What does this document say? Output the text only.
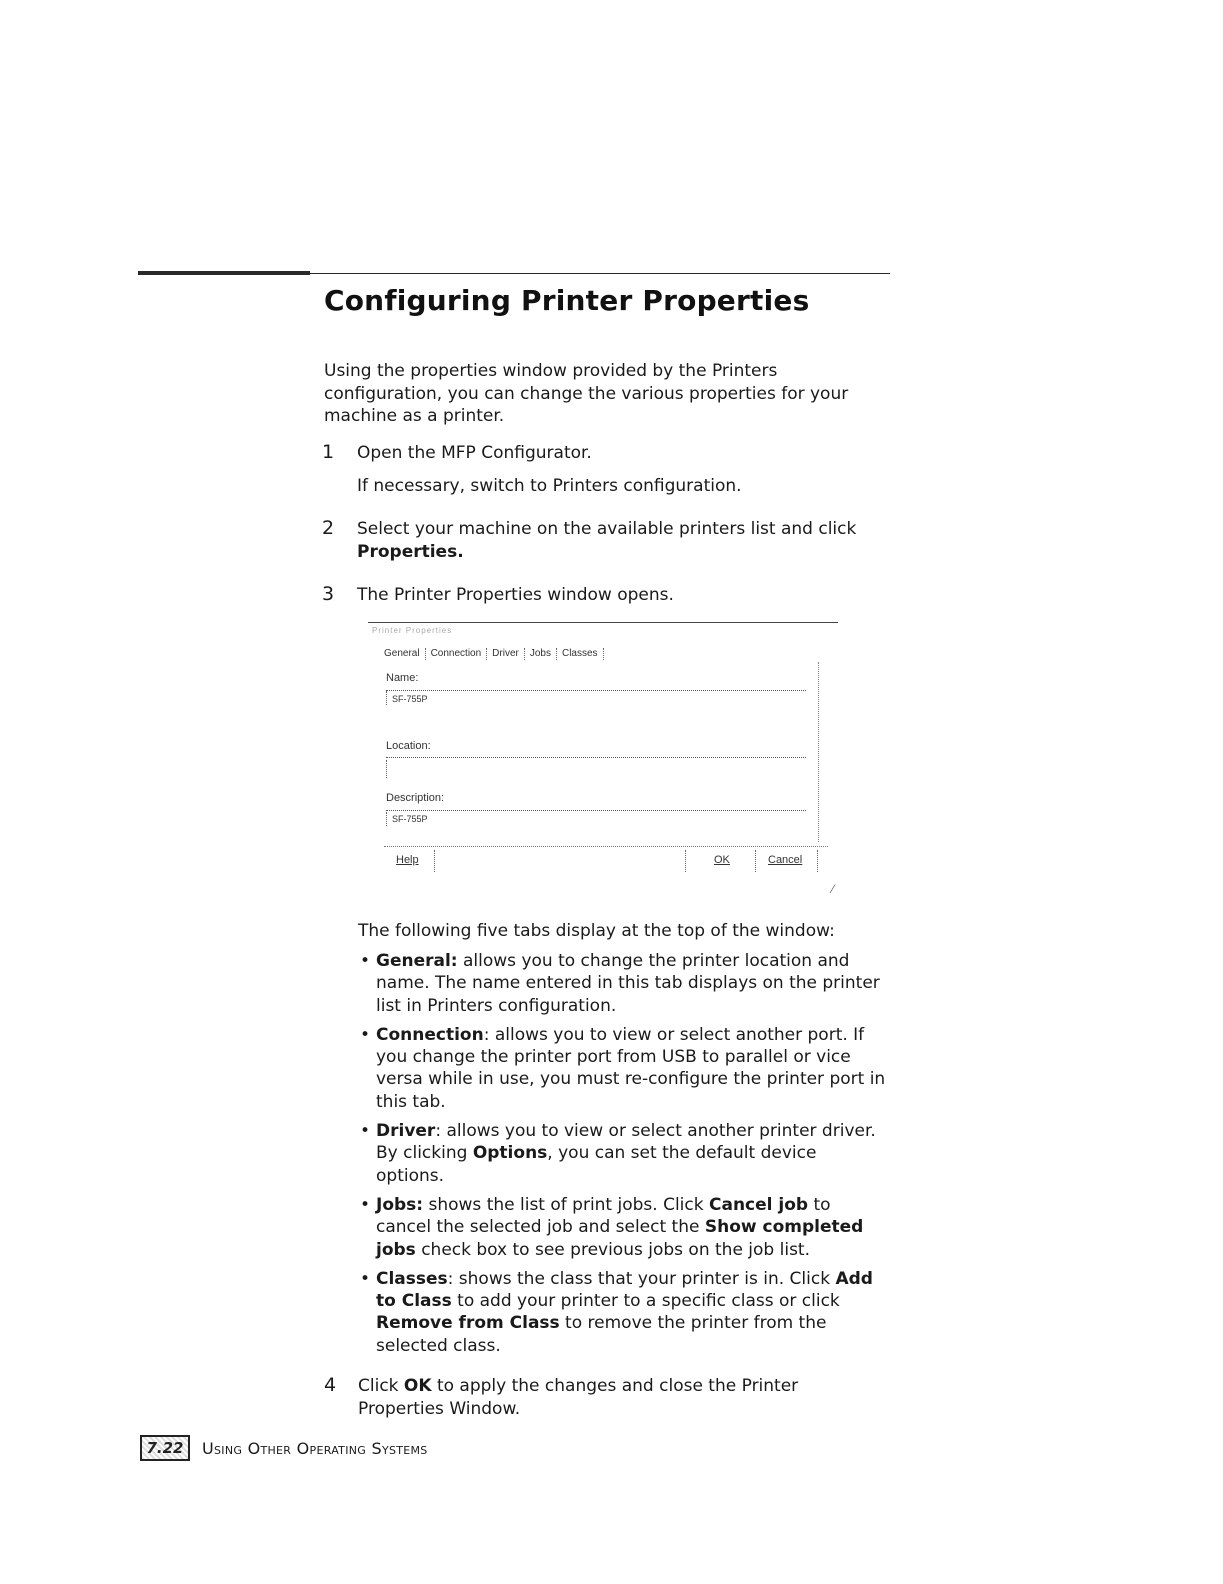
Configuring Printer Properties

Using the properties window provided by the Printers configuration, you can change the various properties for your machine as a printer.

1 Open the MFP Configurator.

If necessary, switch to Printers configuration.

2 Select your machine on the available printers list and click Properties.

3 The Printer Properties window opens.

Printer Properties
General	Connection	Driver	Jobs	Classes
Name:
SF-755P
Location:
Description:
SF-755P
Help	OK	Cancel
⁄

The following five tabs display at the top of the window:

• General: allows you to change the printer location and name. The name entered in this tab displays on the printer list in Printers configuration.
• Connection: allows you to view or select another port. If you change the printer port from USB to parallel or vice versa while in use, you must re-configure the printer port in this tab.
• Driver: allows you to view or select another printer driver. By clicking Options, you can set the default device options.
• Jobs: shows the list of print jobs. Click Cancel job to cancel the selected job and select the Show completed jobs check box to see previous jobs on the job list.
• Classes: shows the class that your printer is in. Click Add to Class to add your printer to a specific class or click Remove from Class to remove the printer from the selected class.
4 Click OK to apply the changes and close the Printer Properties Window.

7.22	Using Other Operating Systems
